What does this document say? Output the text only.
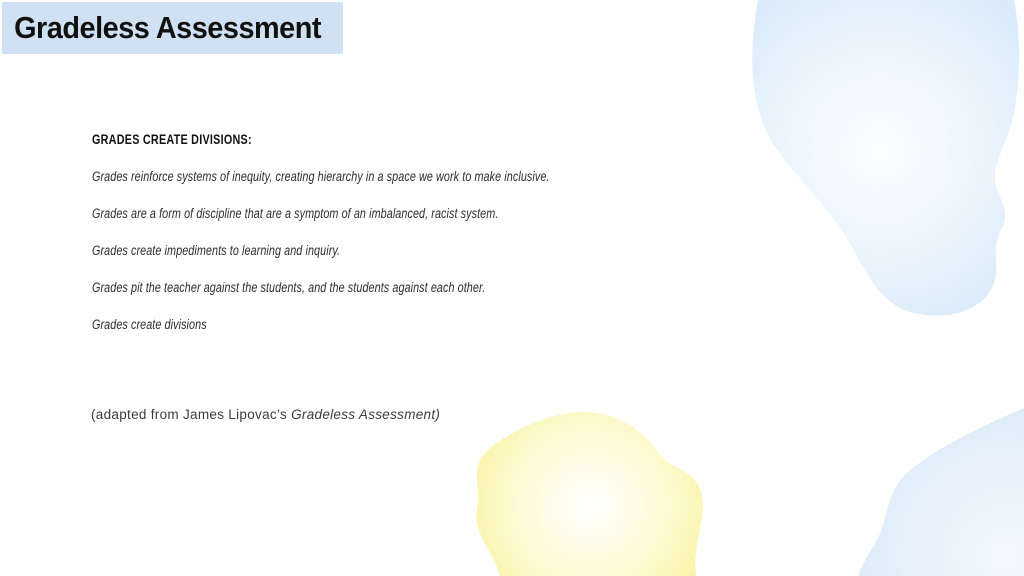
Gradeless Assessment

GRADES CREATE DIVISIONS:

Grades reinforce systems of inequity, creating hierarchy in a space we work to make inclusive.

Grades are a form of discipline that are a symptom of an imbalanced, racist system.

Grades create impediments to learning and inquiry.

Grades pit the teacher against the students, and the students against each other.

Grades create divisions

(adapted from James Lipovac’s Gradeless Assessment)
